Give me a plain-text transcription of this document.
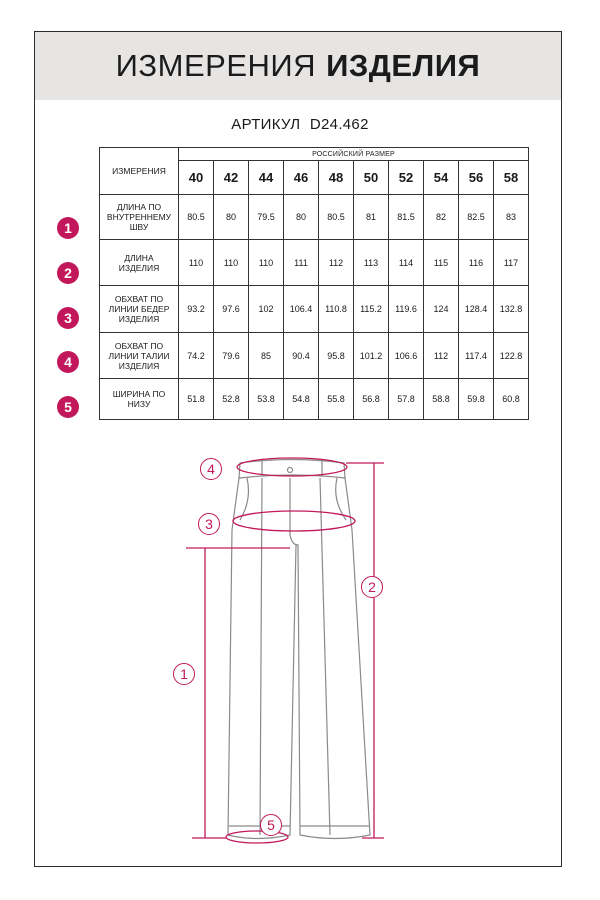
ИЗМЕРЕНИЯ ИЗДЕЛИЯ
АРТИКУЛ D24.462
ИЗМЕРЕНИЯ	РОССИЙСКИЙ РАЗМЕР									
	40	42	44	46	48	50	52	54	56	58
ДЛИНА ПО ВНУТРЕННЕМУ ШВУ	80.5	80	79.5	80	80.5	81	81.5	82	82.5	83
ДЛИНА ИЗДЕЛИЯ	110	110	110	111	112	113	114	115	116	117
ОБХВАТ ПО ЛИНИИ БЕДЕР ИЗДЕЛИЯ	93.2	97.6	102	106.4	110.8	115.2	119.6	124	128.4	132.8
ОБХВАТ ПО ЛИНИИ ТАЛИИ ИЗДЕЛИЯ	74.2	79.6	85	90.4	95.8	101.2	106.6	112	117.4	122.8
ШИРИНА ПО НИЗУ	51.8	52.8	53.8	54.8	55.8	56.8	57.8	58.8	59.8	60.8
1
2
3
4
5
4
3
2
1
5
